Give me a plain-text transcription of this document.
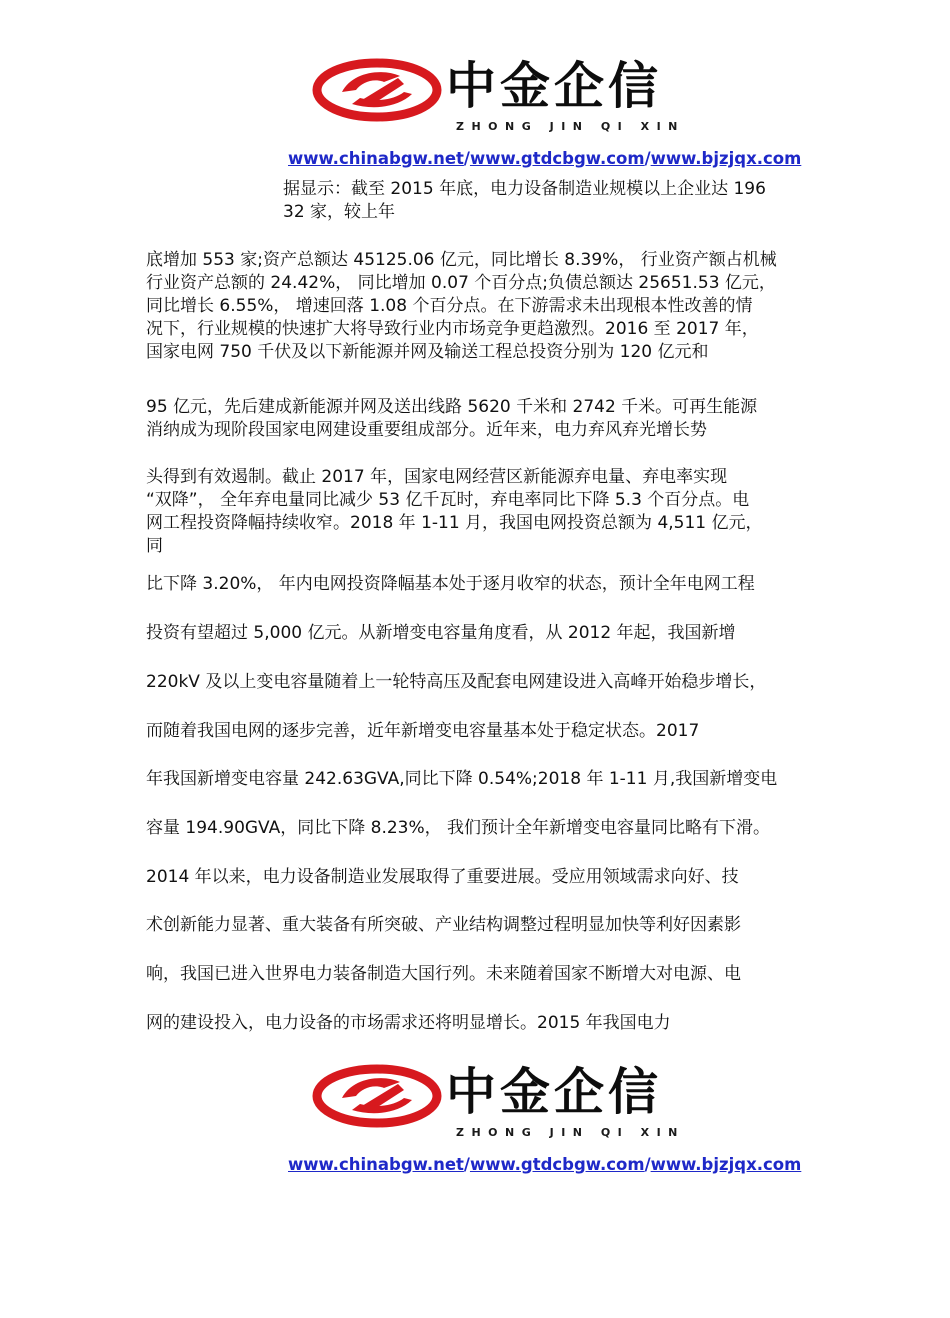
中金企信
ZHONG JIN QI XIN
www.chinabgw.net/www.gtdcbgw.com/www.bjzjqx.com
据显示：截至 2015 年底，电力设备制造业规模以上企业达 196
32 家，较上年
底增加 553 家;资产总额达 45125.06 亿元，同比增长 8.39%， 行业资产额占机械
行业资产总额的 24.42%， 同比增加 0.07 个百分点;负债总额达 25651.53 亿元，
同比增长 6.55%， 增速回落 1.08 个百分点。在下游需求未出现根本性改善的情
况下，行业规模的快速扩大将导致行业内市场竞争更趋激烈。2016 至 2017 年，
国家电网 750 千伏及以下新能源并网及输送工程总投资分别为 120 亿元和
95 亿元，先后建成新能源并网及送出线路 5620 千米和 2742 千米。可再生能源
消纳成为现阶段国家电网建设重要组成部分。近年来，电力弃风弃光增长势
头得到有效遏制。截止 2017 年，国家电网经营区新能源弃电量、弃电率实现
“双降”， 全年弃电量同比减少 53 亿千瓦时，弃电率同比下降 5.3 个百分点。电
网工程投资降幅持续收窄。2018 年 1-11 月，我国电网投资总额为 4,511 亿元，
同
比下降 3.20%， 年内电网投资降幅基本处于逐月收窄的状态，预计全年电网工程
投资有望超过 5,000 亿元。从新增变电容量角度看，从 2012 年起，我国新增
220kV 及以上变电容量随着上一轮特高压及配套电网建设进入高峰开始稳步增长，
而随着我国电网的逐步完善，近年新增变电容量基本处于稳定状态。2017
年我国新增变电容量 242.63GVA,同比下降 0.54%;2018 年 1-11 月,我国新增变电
容量 194.90GVA，同比下降 8.23%， 我们预计全年新增变电容量同比略有下滑。
2014 年以来，电力设备制造业发展取得了重要进展。受应用领域需求向好、技
术创新能力显著、重大装备有所突破、产业结构调整过程明显加快等利好因素影
响，我国已进入世界电力装备制造大国行列。未来随着国家不断增大对电源、电
网的建设投入，电力设备的市场需求还将明显增长。2015 年我国电力
中金企信
ZHONG JIN QI XIN
www.chinabgw.net/www.gtdcbgw.com/www.bjzjqx.com
